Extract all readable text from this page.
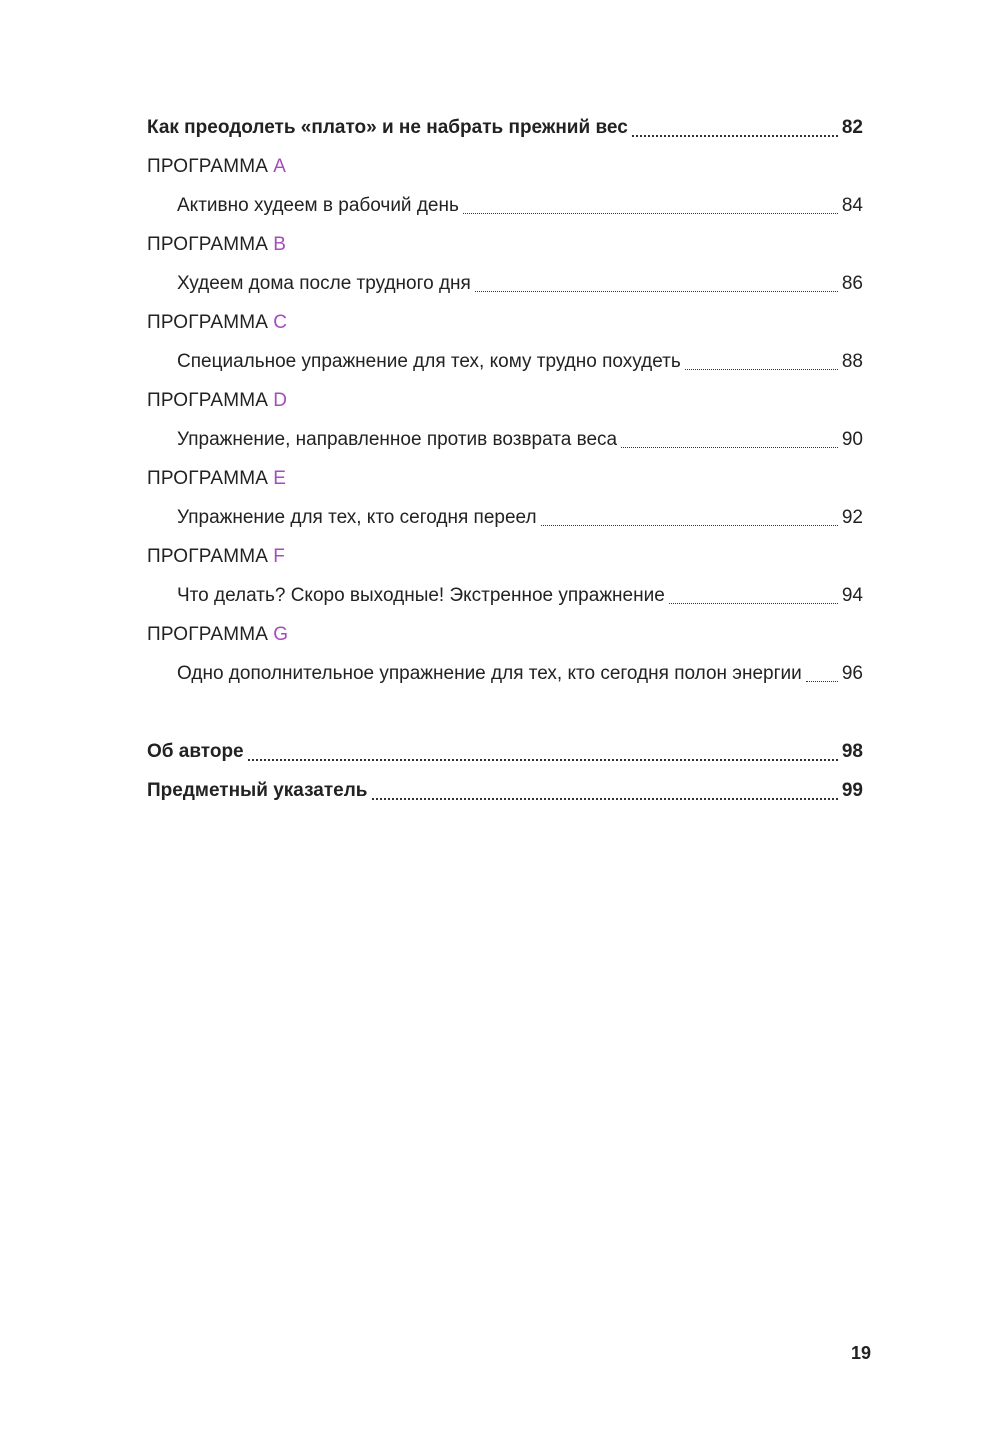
Как преодолеть «плато» и не набрать прежний вес	82
ПРОГРАММА A
Активно худеем в рабочий день	84
ПРОГРАММА B
Худеем дома после трудного дня	86
ПРОГРАММА C
Специальное упражнение для тех, кому трудно похудеть	88
ПРОГРАММА D
Упражнение, направленное против возврата веса	90
ПРОГРАММА E
Упражнение для тех, кто сегодня переел	92
ПРОГРАММА F
Что делать? Скоро выходные! Экстренное упражнение	94
ПРОГРАММА G
Одно дополнительное упражнение для тех, кто сегодня полон энергии 96
Об авторе	98
Предметный указатель	99
19
